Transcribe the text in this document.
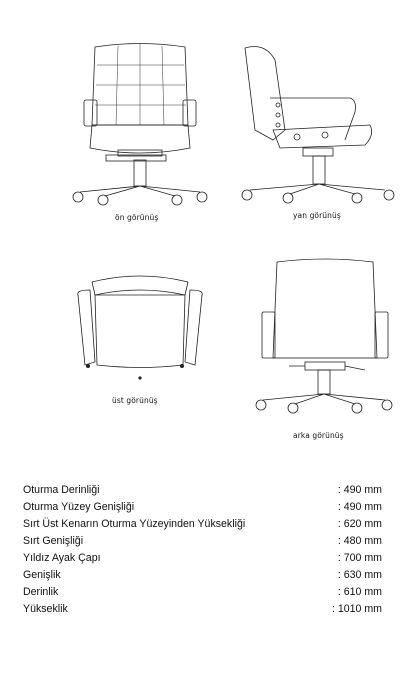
ön görünüş	yan görünüş
üst görünüş
arka görünüş
Oturma Derinliği	: 490 mm
Oturma Yüzey Genişliği	: 490 mm
Sırt Üst Kenarın Oturma Yüzeyinden Yüksekliği	: 620 mm
Sırt Genişliği	: 480 mm
Yıldız Ayak Çapı	: 700 mm
Genişlik	: 630 mm
Derinlik	: 610 mm
Yükseklik	: 1010 mm
